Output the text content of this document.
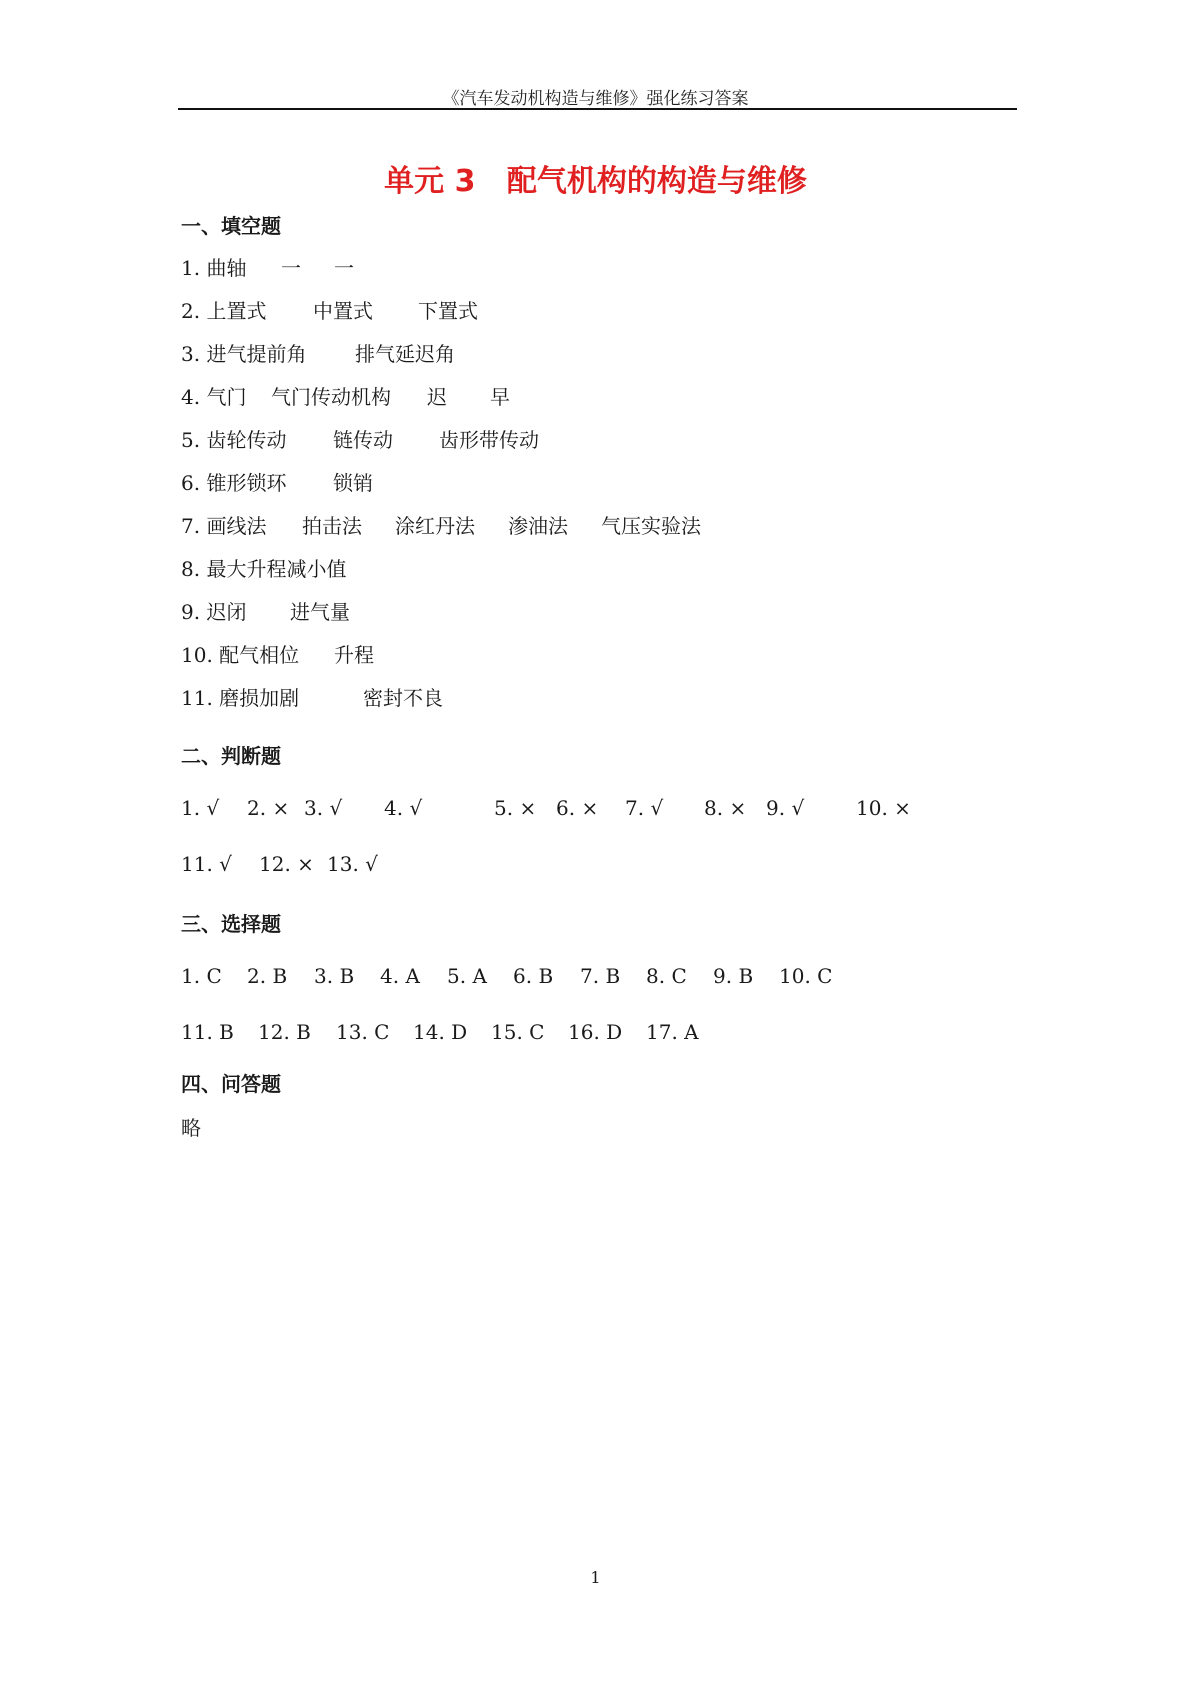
《汽车发动机构造与维修》强化练习答案
单元 3   配气机构的构造与维修
一、填空题
1. 曲轴 一 一
2. 上置式 中置式 下置式
3. 进气提前角 排气延迟角
4. 气门 气门传动机构 迟 早
5. 齿轮传动 链传动 齿形带传动
6. 锥形锁环 锁销
7. 画线法 拍击法 涂红丹法 渗油法 气压实验法
8. 最大升程减小值
9. 迟闭 进气量
10. 配气相位 升程
11. 磨损加剧	密封不良
二、判断题
1. √ 2. × 3. √ 4. √	5. × 6. × 7. √ 8. × 9. √	10. ×
11. √ 12. × 13. √
三、选择题
1. C 2. B 3. B 4. A 5. A 6. B 7. B 8. C 9. B 10. C
11. B 12. B 13. C 14. D 15. C 16. D 17. A
四、问答题
略
1
